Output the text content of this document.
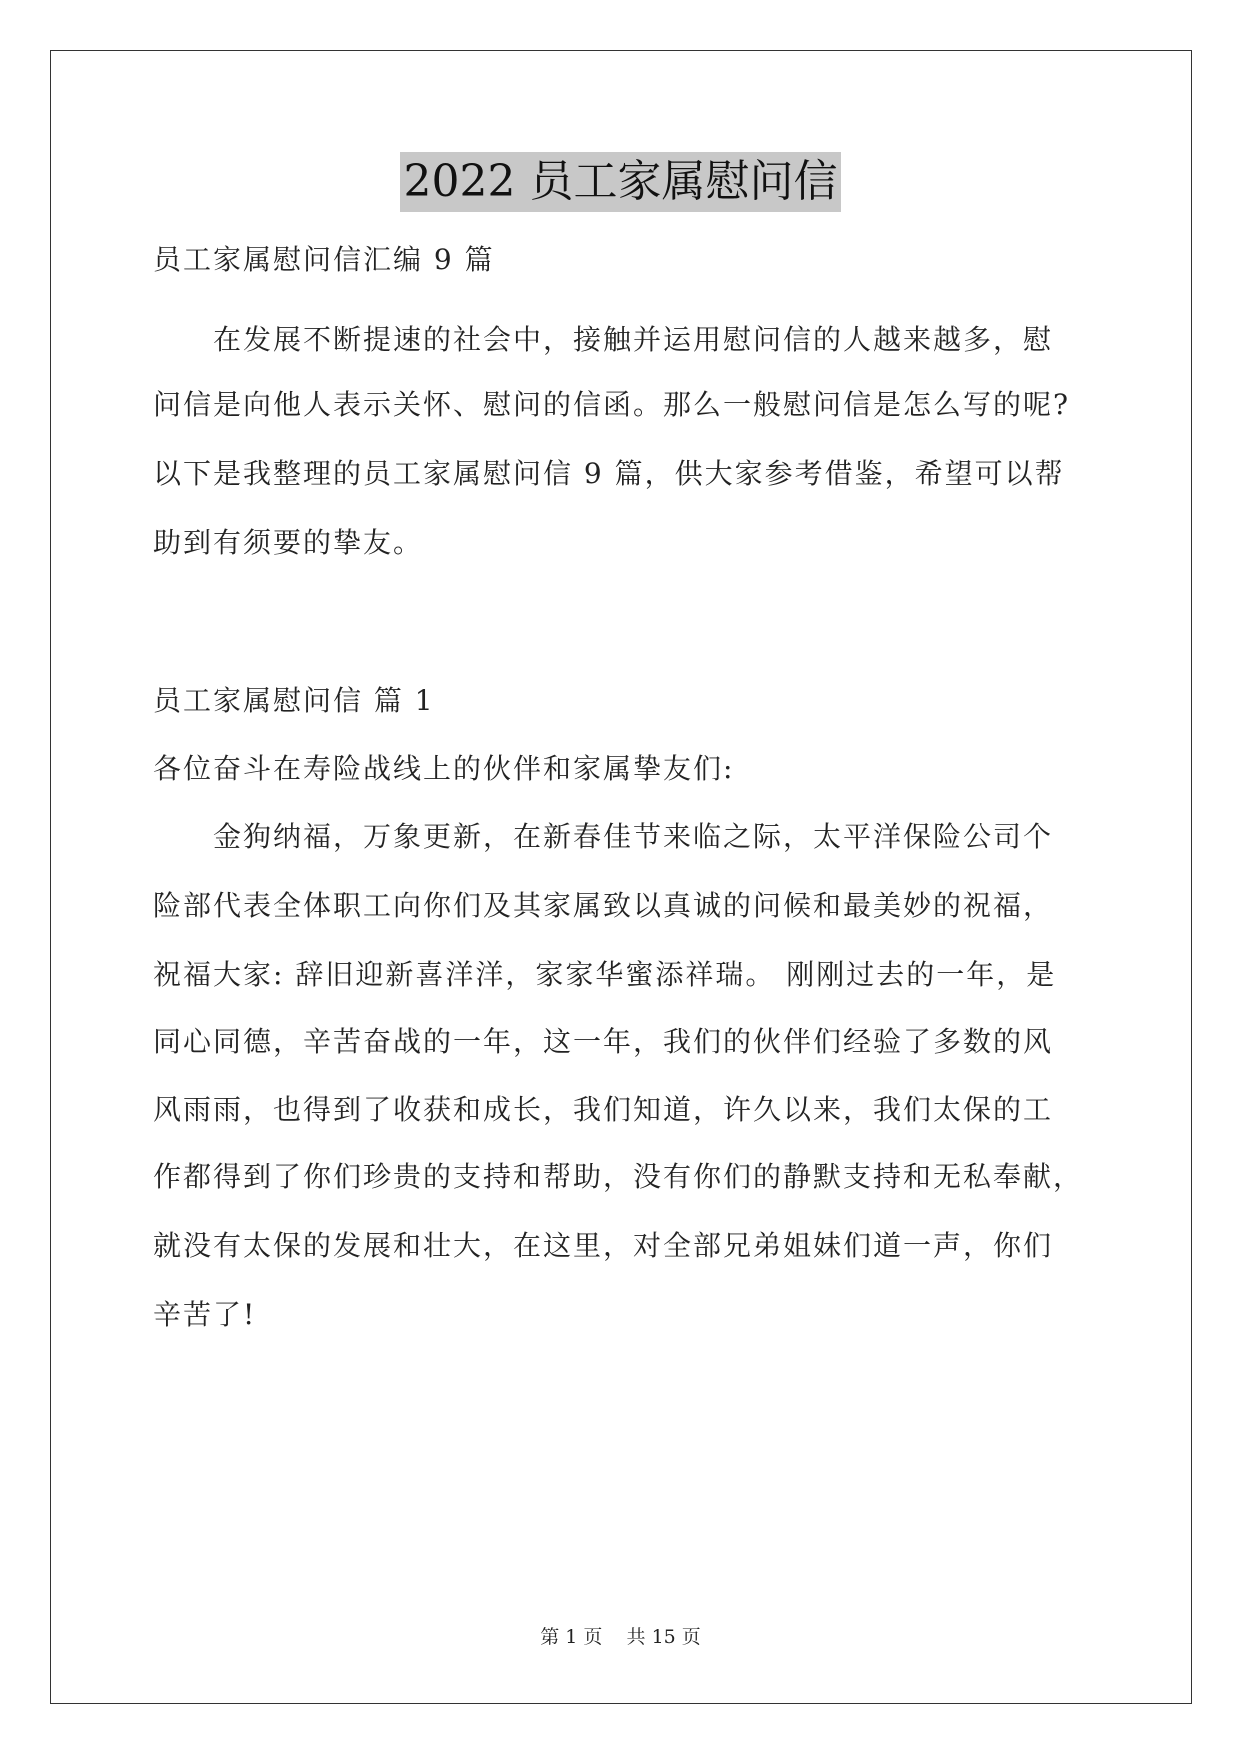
2022 员工家属慰问信
员工家属慰问信汇编 9 篇
在发展不断提速的社会中，接触并运用慰问信的人越来越多，慰
问信是向他人表示关怀、慰问的信函。那么一般慰问信是怎么写的呢?
以下是我整理的员工家属慰问信 9 篇，供大家参考借鉴，希望可以帮
助到有须要的挚友。
员工家属慰问信 篇 1
各位奋斗在寿险战线上的伙伴和家属挚友们:
金狗纳福，万象更新，在新春佳节来临之际，太平洋保险公司个
险部代表全体职工向你们及其家属致以真诚的问候和最美妙的祝福，
祝福大家: 辞旧迎新喜洋洋，家家华蜜添祥瑞。 刚刚过去的一年，是
同心同德，辛苦奋战的一年，这一年，我们的伙伴们经验了多数的风
风雨雨，也得到了收获和成长，我们知道，许久以来，我们太保的工
作都得到了你们珍贵的支持和帮助，没有你们的静默支持和无私奉献，
就没有太保的发展和壮大，在这里，对全部兄弟姐妹们道一声，你们
辛苦了!
第 1 页 共 15 页
